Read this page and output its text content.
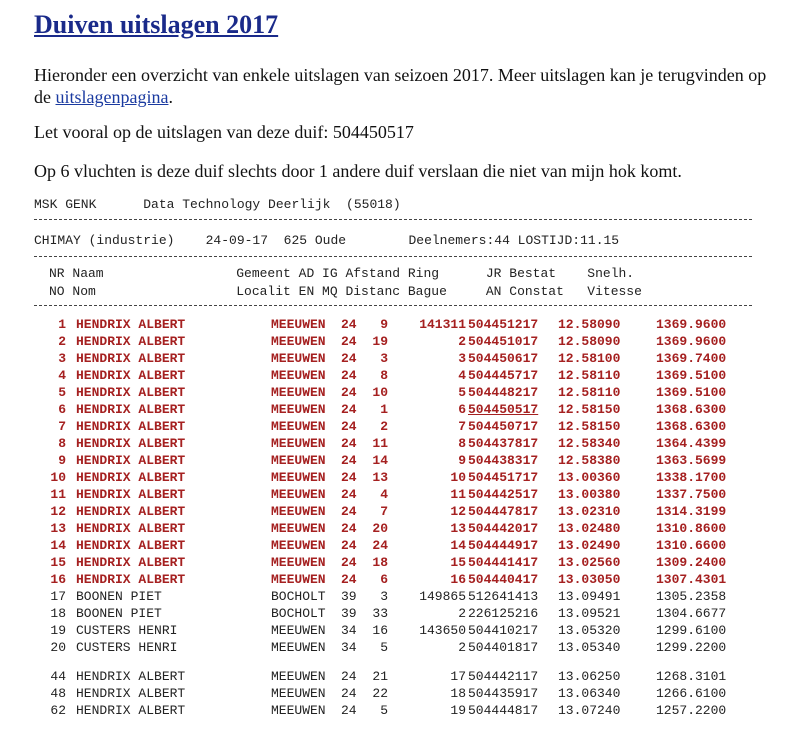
Duiven uitslagen 2017

Hieronder een overzicht van enkele uitslagen van seizoen 2017. Meer uitslagen kan je terugvinden op de uitslagenpagina.

Let vooral op de uitslagen van deze duif: 504450517

Op 6 vluchten is deze duif slechts door 1 andere duif verslaan die niet van mijn hok komt.

MSK GENK      Data Technology Deerlijk  (55018)
CHIMAY (industrie)    24-09-17  625 Oude        Deelnemers:44 LOSTIJD:11.15
NR Naam                 Gemeent AD IG Afstand Ring      JR Bestat    Snelh.
NO Nom                  Localit EN MQ Distanc Bague     AN Constat   Vitesse
1 HENDRIX ALBERT	MEEUWEN 24	9	141311 504451217 12.58090	1369.9600
2 HENDRIX ALBERT	MEEUWEN 24	19	2 504451017 12.58090	1369.9600
3 HENDRIX ALBERT	MEEUWEN 24	3	3 504450617 12.58100	1369.7400
4 HENDRIX ALBERT	MEEUWEN 24	8	4 504445717 12.58110	1369.5100
5 HENDRIX ALBERT	MEEUWEN 24	10	5 504448217 12.58110	1369.5100
6 HENDRIX ALBERT	MEEUWEN 24	1	6 504450517 12.58150	1368.6300
7 HENDRIX ALBERT	MEEUWEN 24	2	7 504450717 12.58150	1368.6300
8 HENDRIX ALBERT	MEEUWEN 24	11	8 504437817 12.58340	1364.4399
9 HENDRIX ALBERT	MEEUWEN 24	14	9 504438317 12.58380	1363.5699
10 HENDRIX ALBERT	MEEUWEN 24	13	10 504451717 13.00360	1338.1700
11 HENDRIX ALBERT	MEEUWEN 24	4	11 504442517 13.00380	1337.7500
12 HENDRIX ALBERT	MEEUWEN 24	7	12 504447817 13.02310	1314.3199
13 HENDRIX ALBERT	MEEUWEN 24	20	13 504442017 13.02480	1310.8600
14 HENDRIX ALBERT	MEEUWEN 24	24	14 504444917 13.02490	1310.6600
15 HENDRIX ALBERT	MEEUWEN 24	18	15 504441417 13.02560	1309.2400
16 HENDRIX ALBERT	MEEUWEN 24	6	16 504440417 13.03050	1307.4301
17 BOONEN PIET	BOCHOLT 39	3	149865 512641413 13.09491	1305.2358
18 BOONEN PIET	BOCHOLT 39	33	2 226125216 13.09521	1304.6677
19 CUSTERS HENRI	MEEUWEN 34	16	143650 504410217 13.05320	1299.6100
20 CUSTERS HENRI	MEEUWEN 34	5	2 504401817 13.05340	1299.2200
44 HENDRIX ALBERT	MEEUWEN 24	21	17 504442117 13.06250	1268.3101
48 HENDRIX ALBERT	MEEUWEN 24	22	18 504435917 13.06340	1266.6100
62 HENDRIX ALBERT	MEEUWEN 24	5	19 504444817 13.07240	1257.2200
